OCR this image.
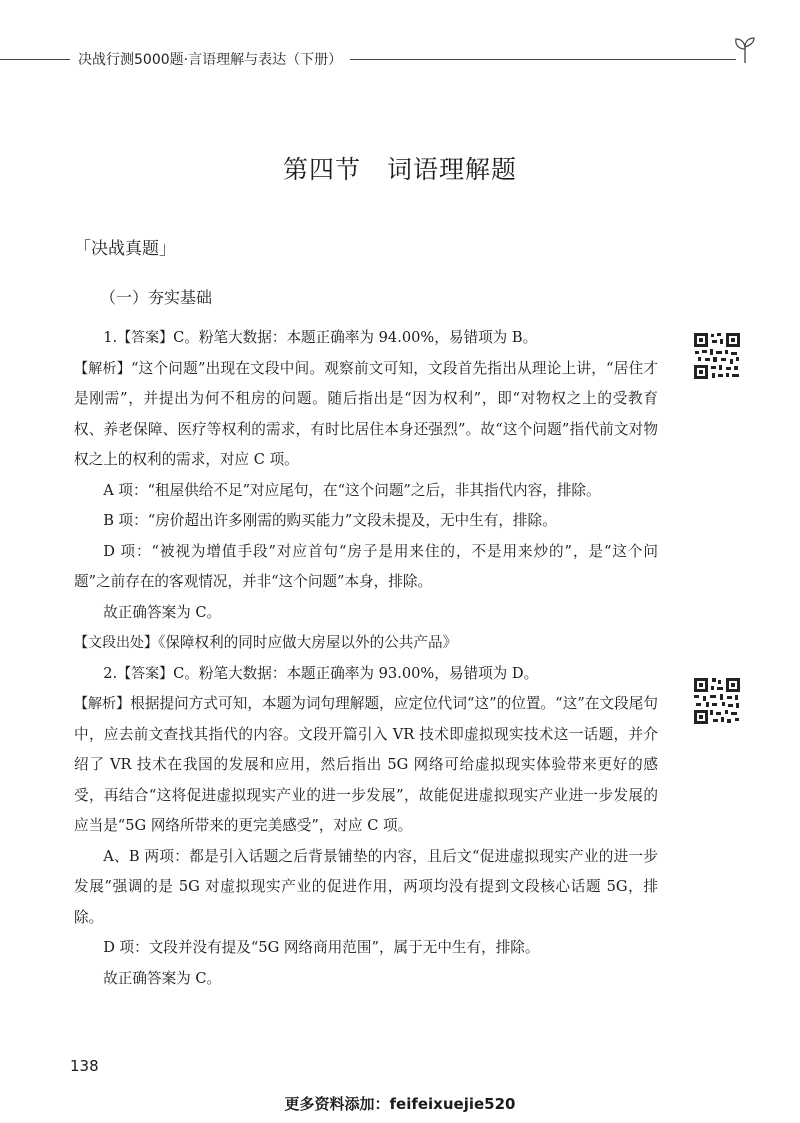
决战行测5000题·言语理解与表达（下册）
第四节 词语理解题
「决战真题」
（一）夯实基础

1.【答案】C。粉笔大数据：本题正确率为 94.00%，易错项为 B。

【解析】“这个问题”出现在文段中间。观察前文可知，文段首先指出从理论上讲，“居住才是刚需”，并提出为何不租房的问题。随后指出是“因为权利”，即“对物权之上的受教育权、养老保障、医疗等权利的需求，有时比居住本身还强烈”。故“这个问题”指代前文对物权之上的权利的需求，对应 C 项。

A 项：“租屋供给不足”对应尾句，在“这个问题”之后，非其指代内容，排除。

B 项：“房价超出许多刚需的购买能力”文段未提及，无中生有，排除。

D 项：“被视为增值手段”对应首句“房子是用来住的，不是用来炒的”，是“这个问题”之前存在的客观情况，并非“这个问题”本身，排除。

故正确答案为 C。

【文段出处】《保障权利的同时应做大房屋以外的公共产品》

2.【答案】C。粉笔大数据：本题正确率为 93.00%，易错项为 D。

【解析】根据提问方式可知，本题为词句理解题，应定位代词“这”的位置。“这”在文段尾句中，应去前文查找其指代的内容。文段开篇引入 VR 技术即虚拟现实技术这一话题，并介绍了 VR 技术在我国的发展和应用，然后指出 5G 网络可给虚拟现实体验带来更好的感受，再结合“这将促进虚拟现实产业的进一步发展”，故能促进虚拟现实产业进一步发展的应当是“5G 网络所带来的更完美感受”，对应 C 项。

A、B 两项：都是引入话题之后背景铺垫的内容，且后文“促进虚拟现实产业的进一步发展”强调的是 5G 对虚拟现实产业的促进作用，两项均没有提到文段核心话题 5G，排除。

D 项：文段并没有提及“5G 网络商用范围”，属于无中生有，排除。

故正确答案为 C。

138
更多资料添加：feifeixuejie520
